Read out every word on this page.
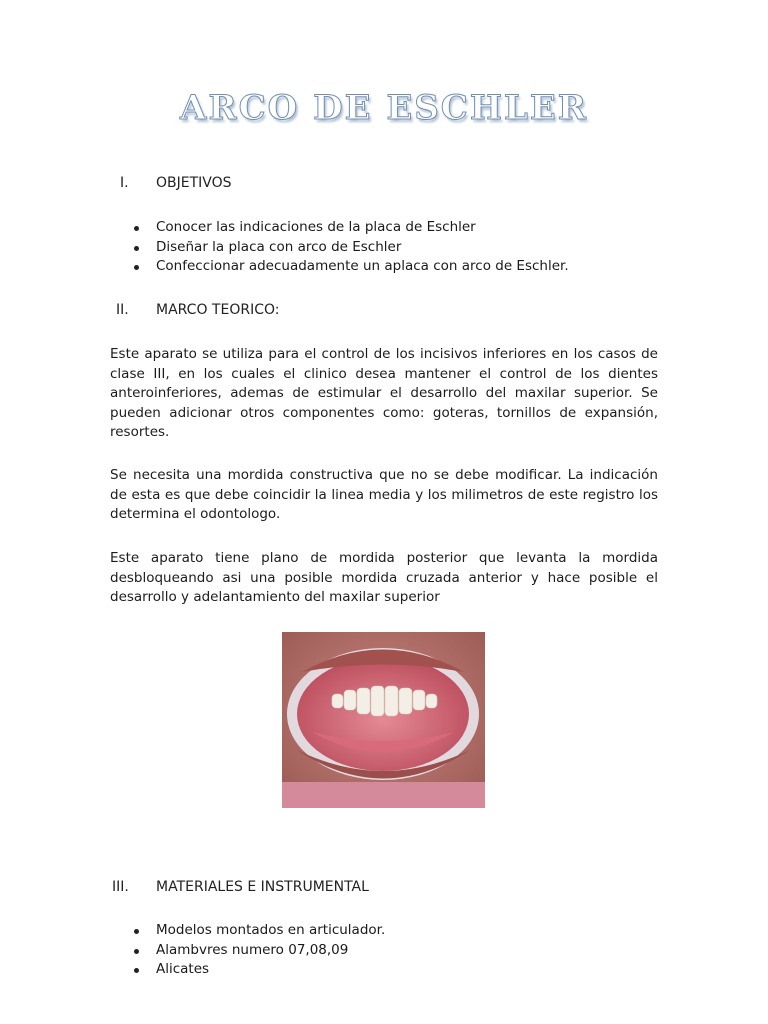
ARCO DE ESCHLER
I. OBJETIVOS
Conocer las indicaciones de la placa de Eschler
Diseñar la placa con arco de Eschler
Confeccionar adecuadamente un aplaca con arco de Eschler.
II. MARCO TEORICO:

Este aparato se utiliza para el control de los incisivos inferiores en los casos de clase III, en los cuales el clinico desea mantener el control de los dientes anteroinferiores, ademas de estimular el desarrollo del maxilar superior. Se pueden adicionar otros componentes como: goteras, tornillos de expansión, resortes.

Se necesita una mordida constructiva que no se debe modificar. La indicación de esta es que debe coincidir la linea media y los milimetros de este registro los determina el odontologo.

Este aparato tiene plano de mordida posterior que levanta la mordida desbloqueando asi una posible mordida cruzada anterior y hace posible el desarrollo y adelantamiento del maxilar superior

III. MATERIALES E INSTRUMENTAL
Modelos montados en articulador.
Alambvres numero 07,08,09
Alicates
